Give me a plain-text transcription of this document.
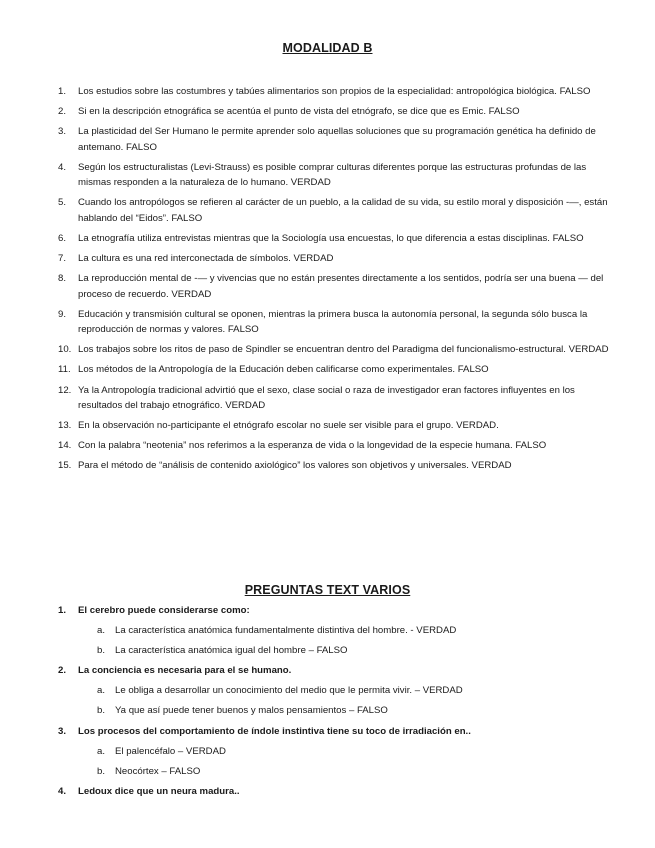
MODALIDAD B
1. Los estudios sobre las costumbres y tabúes alimentarios son propios de la especialidad: antropológica biológica. FALSO
2. Si en la descripción etnográfica se acentúa el punto de vista del etnógrafo, se dice que es Emic. FALSO
3. La plasticidad del Ser Humano le permite aprender solo aquellas soluciones que su programación genética ha definido de antemano. FALSO
4. Según los estructuralistas (Levi-Strauss) es posible comprar culturas diferentes porque las estructuras profundas de las mismas responden a la naturaleza de lo humano. VERDAD
5. Cuando los antropólogos se refieren al carácter de un pueblo, a la calidad de su vida, su estilo moral y disposición -—, están hablando del “Eidos”. FALSO
6. La etnografía utiliza entrevistas mientras que la Sociología usa encuestas, lo que diferencia a estas disciplinas. FALSO
7. La cultura es una red interconectada de símbolos. VERDAD
8. La reproducción mental de -— y vivencias que no están presentes directamente a los sentidos, podría ser una buena — del proceso de recuerdo. VERDAD
9. Educación y transmisión cultural se oponen, mientras la primera busca la autonomía personal, la segunda sólo busca la reproducción de normas y valores. FALSO
10. Los trabajos sobre los ritos de paso de Spindler se encuentran dentro del Paradigma del funcionalismo-estructural. VERDAD
11. Los métodos de la Antropología de la Educación deben calificarse como experimentales. FALSO
12. Ya la Antropología tradicional advirtió que el sexo, clase social o raza de investigador eran factores influyentes en los resultados del trabajo etnográfico. VERDAD
13. En la observación no-participante el etnógrafo escolar no suele ser visible para el grupo. VERDAD.
14. Con la palabra “neotenia” nos referimos a la esperanza de vida o la longevidad de la especie humana. FALSO
15. Para el método de “análisis de contenido axiológico” los valores son objetivos y universales. VERDAD
PREGUNTAS TEXT VARIOS
1. El cerebro puede considerarse como:
a. La característica anatómica fundamentalmente distintiva del hombre. - VERDAD
b. La característica anatómica igual del hombre – FALSO
2. La conciencia es necesaria para el se humano.
a. Le obliga a desarrollar un conocimiento del medio que le permita vivir. – VERDAD
b. Ya que así puede tener buenos y malos pensamientos – FALSO
3. Los procesos del comportamiento de índole instintiva tiene su toco de irradiación en..
a. El palencéfalo – VERDAD
b. Neocórtex – FALSO
4. Ledoux dice que un neura madura..
